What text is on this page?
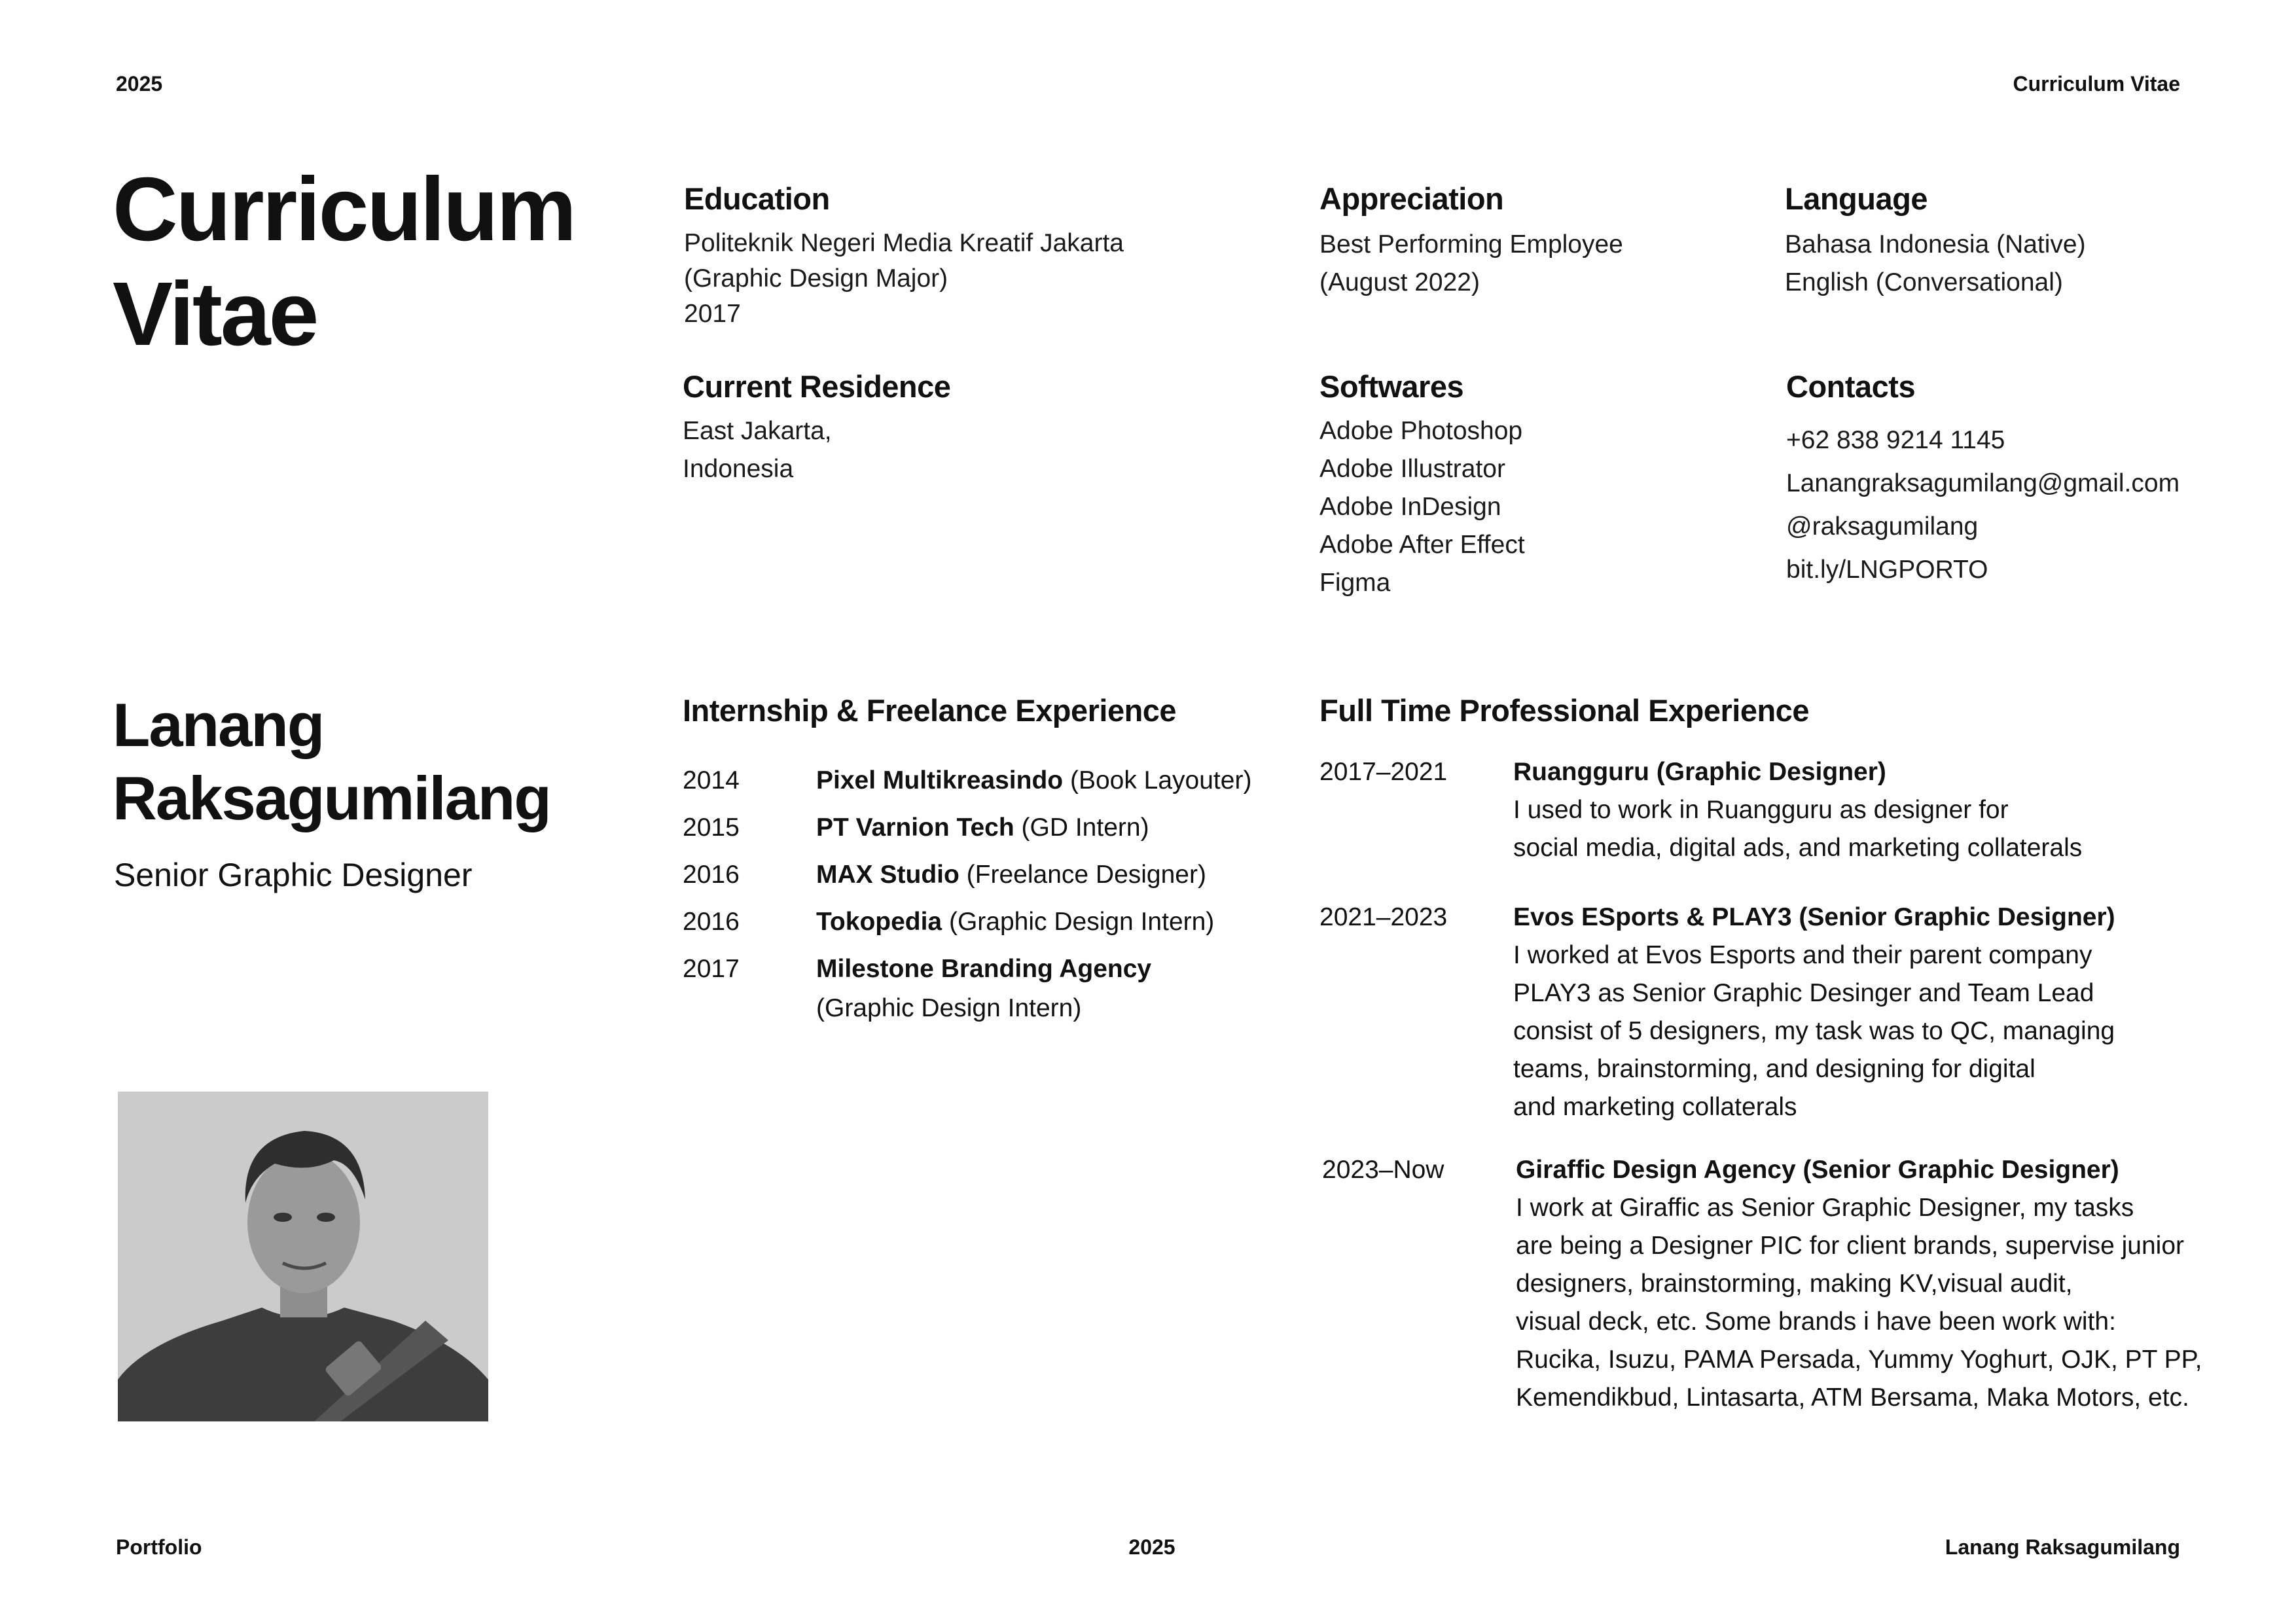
2025	Curriculum Vitae
Curriculum
Vitae
Lanang
Raksagumilang
Senior Graphic Designer
Education
Politeknik Negeri Media Kreatif Jakarta
(Graphic Design Major)
2017
Appreciation
Best Performing Employee
(August 2022)
Language
Bahasa Indonesia (Native)
English (Conversational)
Current Residence
East Jakarta,
Indonesia
Softwares
Adobe Photoshop
Adobe Illustrator
Adobe InDesign
Adobe After Effect
Figma
Contacts
+62 838 9214 1145
Lanangraksagumilang@gmail.com
@raksagumilang
bit.ly/LNGPORTO
Internship & Freelance Experience
2014	Pixel Multikreasindo (Book Layouter)
2015	PT Varnion Tech (GD Intern)
2016	MAX Studio (Freelance Designer)
2016	Tokopedia (Graphic Design Intern)
2017	Milestone Branding Agency
(Graphic Design Intern)
Full Time Professional Experience
2017–2021	Ruangguru (Graphic Designer)
I used to work in Ruangguru as designer for
social media, digital ads, and marketing collaterals
2021–2023	Evos ESports & PLAY3 (Senior Graphic Designer)
I worked at Evos Esports and their parent company
PLAY3 as Senior Graphic Desinger and Team Lead
consist of 5 designers, my task was to QC, managing
teams, brainstorming, and designing for digital
and marketing collaterals
2023–Now	Giraffic Design Agency (Senior Graphic Designer)
I work at Giraffic as Senior Graphic Designer, my tasks
are being a Designer PIC for client brands, supervise junior
designers, brainstorming, making KV,visual audit,
visual deck, etc. Some brands i have been work with:
Rucika, Isuzu, PAMA Persada, Yummy Yoghurt, OJK, PT PP,
Kemendikbud, Lintasarta, ATM Bersama, Maka Motors, etc.
Portfolio	2025	Lanang Raksagumilang
